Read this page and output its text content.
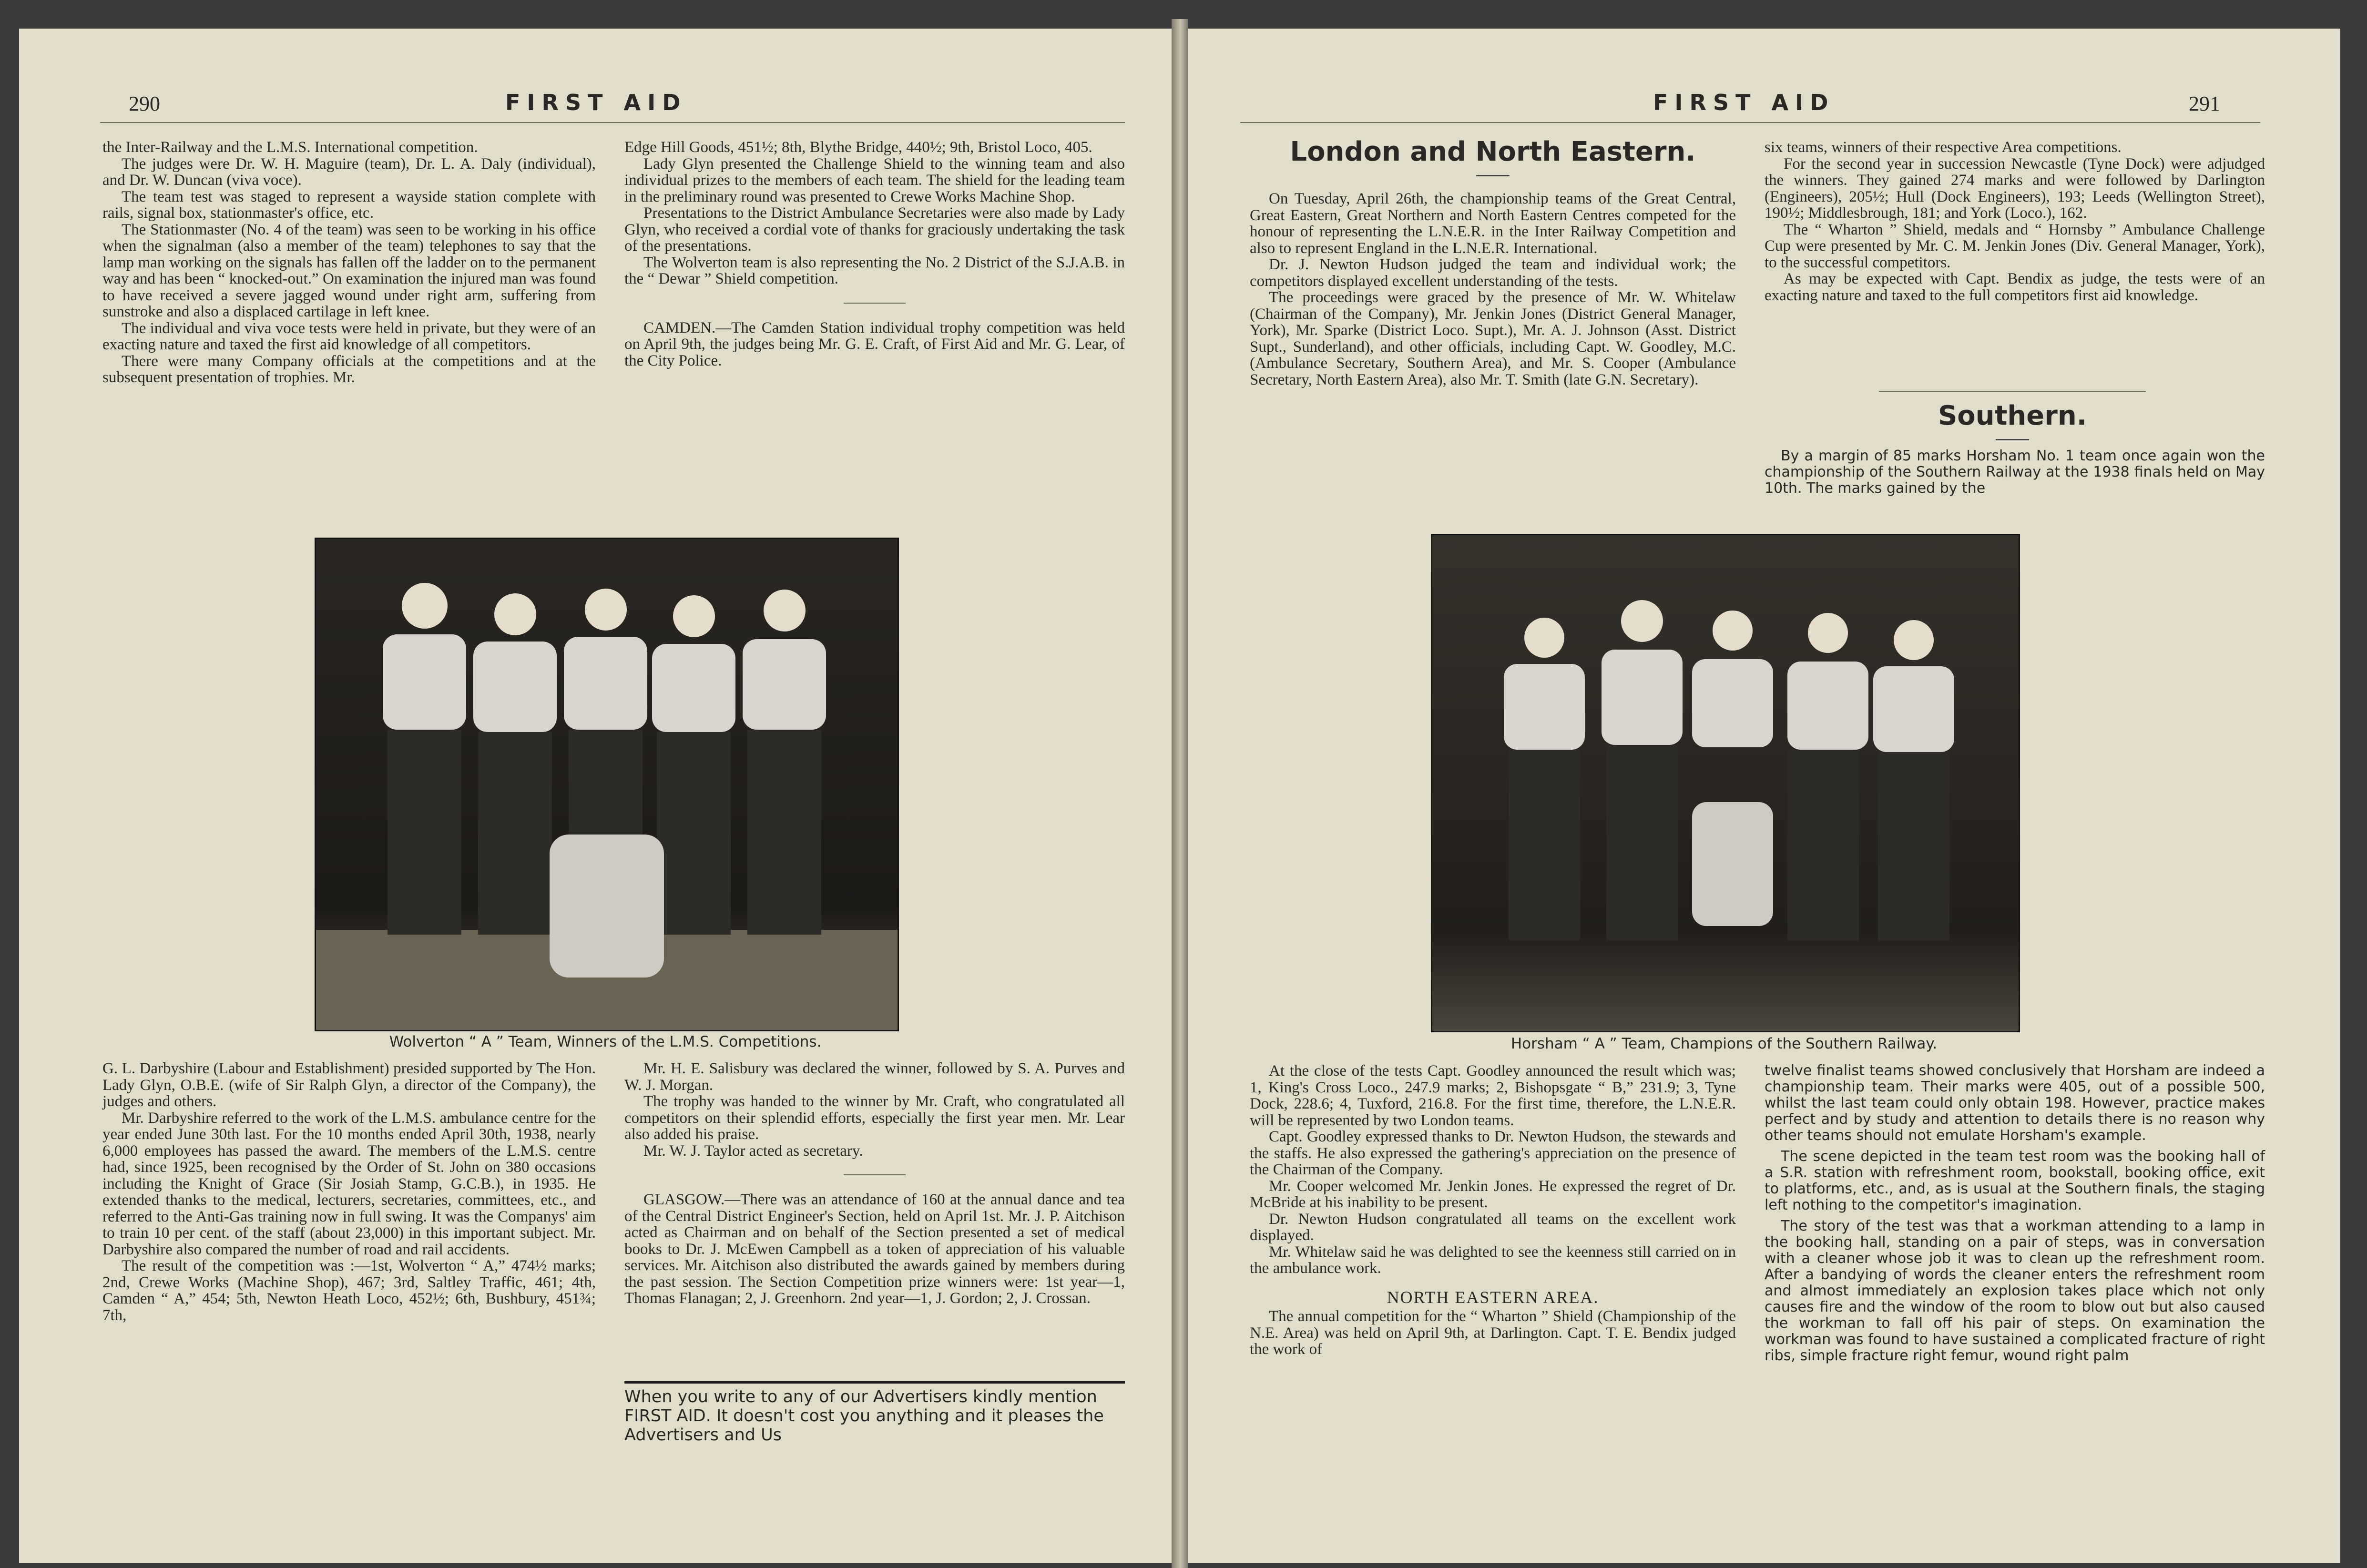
290	FIRST AID

the Inter-Railway and the L.M.S. International competition.

The judges were Dr. W. H. Maguire (team), Dr. L. A. Daly (individual), and Dr. W. Duncan (viva voce).

The team test was staged to represent a wayside station complete with rails, signal box, stationmaster's office, etc.

The Stationmaster (No. 4 of the team) was seen to be working in his office when the signalman (also a member of the team) telephones to say that the lamp man working on the signals has fallen off the ladder on to the permanent way and has been “ knocked-out.” On examination the injured man was found to have received a severe jagged wound under right arm, suffering from sunstroke and also a displaced cartilage in left knee.

The individual and viva voce tests were held in private, but they were of an exacting nature and taxed the first aid knowledge of all competitors.

There were many Company officials at the competitions and at the subsequent presentation of trophies. Mr.

Edge Hill Goods, 451½; 8th, Blythe Bridge, 440½; 9th, Bristol Loco, 405.

Lady Glyn presented the Challenge Shield to the winning team and also individual prizes to the members of each team. The shield for the leading team in the preliminary round was presented to Crewe Works Machine Shop.

Presentations to the District Ambulance Secretaries were also made by Lady Glyn, who received a cordial vote of thanks for graciously undertaking the task of the presentations.

The Wolverton team is also representing the No. 2 District of the S.J.A.B. in the “ Dewar ” Shield competition.

CAMDEN.—The Camden Station individual trophy competition was held on April 9th, the judges being Mr. G. E. Craft, of First Aid and Mr. G. Lear, of the City Police.

Wolverton “ A ” Team, Winners of the L.M.S. Competitions.

G. L. Darbyshire (Labour and Establishment) presided supported by The Hon. Lady Glyn, O.B.E. (wife of Sir Ralph Glyn, a director of the Company), the judges and others.

Mr. Darbyshire referred to the work of the L.M.S. ambulance centre for the year ended June 30th last. For the 10 months ended April 30th, 1938, nearly 6,000 employees has passed the award. The members of the L.M.S. centre had, since 1925, been recognised by the Order of St. John on 380 occasions including the Knight of Grace (Sir Josiah Stamp, G.C.B.), in 1935. He extended thanks to the medical, lecturers, secretaries, committees, etc., and referred to the Anti-Gas training now in full swing. It was the Companys' aim to train 10 per cent. of the staff (about 23,000) in this important subject. Mr. Darbyshire also compared the number of road and rail accidents.

The result of the competition was :—1st, Wolverton “ A,” 474½ marks; 2nd, Crewe Works (Machine Shop), 467; 3rd, Saltley Traffic, 461; 4th, Camden “ A,” 454; 5th, Newton Heath Loco, 452½; 6th, Bushbury, 451¾; 7th,

Mr. H. E. Salisbury was declared the winner, followed by S. A. Purves and W. J. Morgan.

The trophy was handed to the winner by Mr. Craft, who congratulated all competitors on their splendid efforts, especially the first year men. Mr. Lear also added his praise.

Mr. W. J. Taylor acted as secretary.

GLASGOW.—There was an attendance of 160 at the annual dance and tea of the Central District Engineer's Section, held on April 1st. Mr. J. P. Aitchison acted as Chairman and on behalf of the Section presented a set of medical books to Dr. J. McEwen Campbell as a token of appreciation of his valuable services. Mr. Aitchison also distributed the awards gained by members during the past session. The Section Competition prize winners were: 1st year—1, Thomas Flanagan; 2, J. Greenhorn. 2nd year—1, J. Gordon; 2, J. Crossan.

When you write to any of our Advertisers kindly mention FIRST AID. It doesn't cost you anything and it pleases the Advertisers and Us
FIRST AID	291
London and North Eastern.

On Tuesday, April 26th, the championship teams of the Great Central, Great Eastern, Great Northern and North Eastern Centres competed for the honour of representing the L.N.E.R. in the Inter Railway Competition and also to represent England in the L.N.E.R. International.

Dr. J. Newton Hudson judged the team and individual work; the competitors displayed excellent understanding of the tests.

The proceedings were graced by the presence of Mr. W. Whitelaw (Chairman of the Company), Mr. Jenkin Jones (District General Manager, York), Mr. Sparke (District Loco. Supt.), Mr. A. J. Johnson (Asst. District Supt., Sunderland), and other officials, including Capt. W. Goodley, M.C. (Ambulance Secretary, Southern Area), and Mr. S. Cooper (Ambulance Secretary, North Eastern Area), also Mr. T. Smith (late G.N. Secretary).

six teams, winners of their respective Area competitions.

For the second year in succession Newcastle (Tyne Dock) were adjudged the winners. They gained 274 marks and were followed by Darlington (Engineers), 205½; Hull (Dock Engineers), 193; Leeds (Wellington Street), 190½; Middlesbrough, 181; and York (Loco.), 162.

The “ Wharton ” Shield, medals and “ Hornsby ” Ambulance Challenge Cup were presented by Mr. C. M. Jenkin Jones (Div. General Manager, York), to the successful competitors.

As may be expected with Capt. Bendix as judge, the tests were of an exacting nature and taxed to the full competitors first aid knowledge.

Southern.

By a margin of 85 marks Horsham No. 1 team once again won the championship of the Southern Railway at the 1938 finals held on May 10th. The marks gained by the

Horsham “ A ” Team, Champions of the Southern Railway.

At the close of the tests Capt. Goodley announced the result which was; 1, King's Cross Loco., 247.9 marks; 2, Bishopsgate “ B,” 231.9; 3, Tyne Dock, 228.6; 4, Tuxford, 216.8. For the first time, therefore, the L.N.E.R. will be represented by two London teams.

Capt. Goodley expressed thanks to Dr. Newton Hudson, the stewards and the staffs. He also expressed the gathering's appreciation on the presence of the Chairman of the Company.

Mr. Cooper welcomed Mr. Jenkin Jones. He expressed the regret of Dr. McBride at his inability to be present.

Dr. Newton Hudson congratulated all teams on the excellent work displayed.

Mr. Whitelaw said he was delighted to see the keenness still carried on in the ambulance work.

NORTH EASTERN AREA.

The annual competition for the “ Wharton ” Shield (Championship of the N.E. Area) was held on April 9th, at Darlington. Capt. T. E. Bendix judged the work of

twelve finalist teams showed conclusively that Horsham are indeed a championship team. Their marks were 405, out of a possible 500, whilst the last team could only obtain 198. However, practice makes perfect and by study and attention to details there is no reason why other teams should not emulate Horsham's example.

The scene depicted in the team test room was the booking hall of a S.R. station with refreshment room, bookstall, booking office, exit to platforms, etc., and, as is usual at the Southern finals, the staging left nothing to the competitor's imagination.

The story of the test was that a workman attending to a lamp in the booking hall, standing on a pair of steps, was in conversation with a cleaner whose job it was to clean up the refreshment room. After a bandying of words the cleaner enters the refreshment room and almost immediately an explosion takes place which not only causes fire and the window of the room to blow out but also caused the workman to fall off his pair of steps. On examination the workman was found to have sustained a complicated fracture of right ribs, simple fracture right femur, wound right palm
